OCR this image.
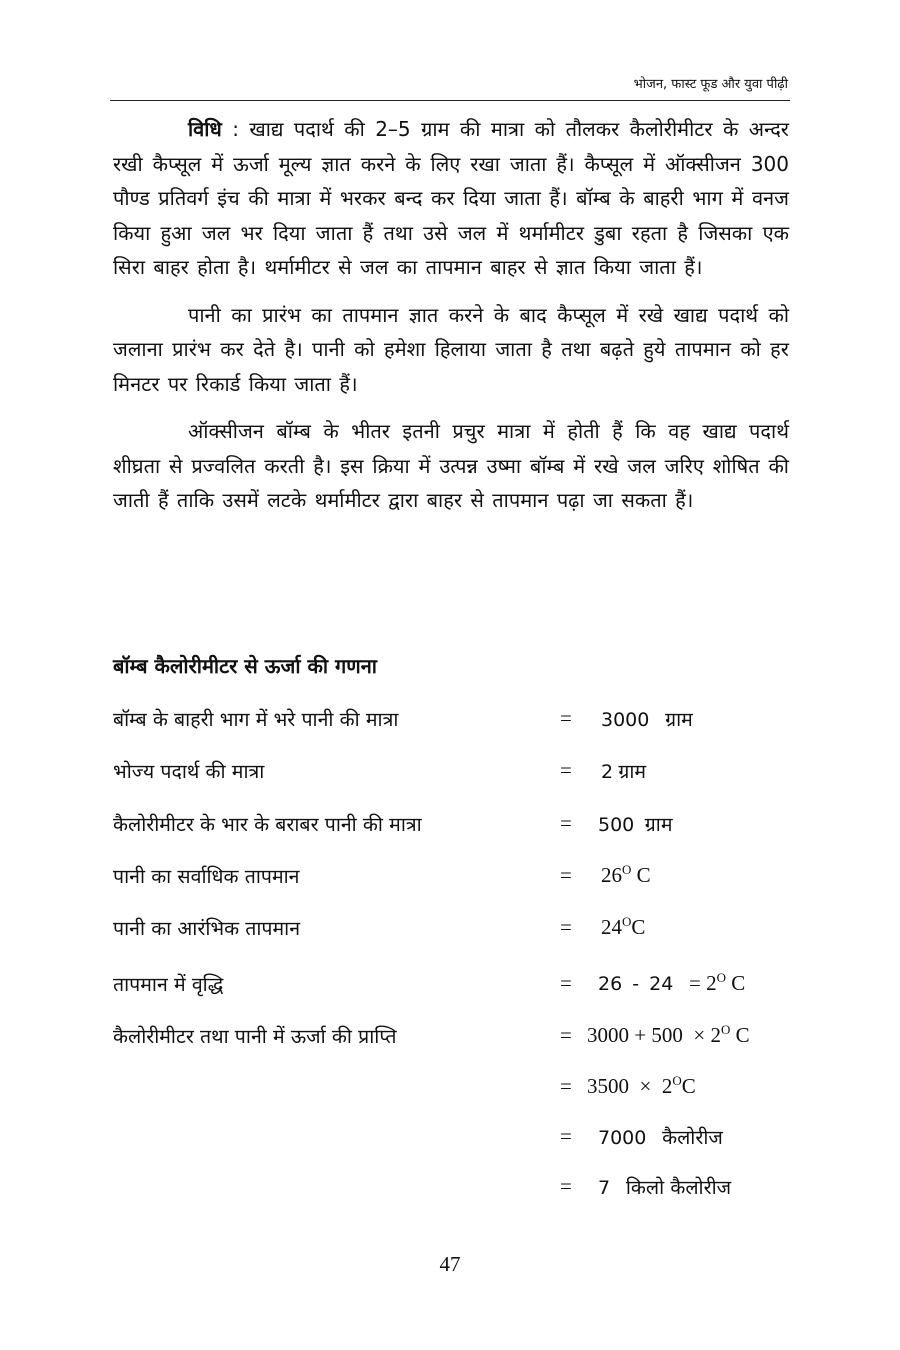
भोजन, फास्ट फूड और युवा पीढ़ी

विधि : खाद्य पदार्थ की 2–5 ग्राम की मात्रा को तौलकर कैलोरीमीटर के अन्दर रखी कैप्सूल में ऊर्जा मूल्य ज्ञात करने के लिए रखा जाता हैं। कैप्सूल में ऑक्सीजन 300 पौण्ड प्रतिवर्ग इंच की मात्रा में भरकर बन्द कर दिया जाता हैं। बॉम्ब के बाहरी भाग में वनज किया हुआ जल भर दिया जाता हैं तथा उसे जल में थर्मामीटर डुबा रहता है जिसका एक सिरा बाहर होता है। थर्मामीटर से जल का तापमान बाहर से ज्ञात किया जाता हैं।

पानी का प्रारंभ का तापमान ज्ञात करने के बाद कैप्सूल में रखे खाद्य पदार्थ को जलाना प्रारंभ कर देते है। पानी को हमेशा हिलाया जाता है तथा बढ़ते हुये तापमान को हर मिनटर पर रिकार्ड किया जाता हैं।

ऑक्सीजन बॉम्ब के भीतर इतनी प्रचुर मात्रा में होती हैं कि वह खाद्य पदार्थ शीघ्रता से प्रज्वलित करती है। इस क्रिया में उत्पन्न उष्मा बॉम्ब में रखे जल जरिए शोषित की जाती हैं ताकि उसमें लटके थर्मामीटर द्वारा बाहर से तापमान पढ़ा जा सकता हैं।

बॉम्ब कैलोरीमीटर से ऊर्जा की गणना
बॉम्ब के बाहरी भाग में भरे पानी की मात्रा	=	3000 ग्राम
भोज्य पदार्थ की मात्रा	=	2 ग्राम
कैलोरीमीटर के भार के बराबर पानी की मात्रा	= 500 ग्राम
पानी का सर्वाधिक तापमान	=	$26^O$ C
पानी का आरंभिक तापमान	=	$24^OC$
तापमान में वृद्धि	= $26 - 24 = 2^O$ C
कैलोरीमीटर तथा पानी में ऊर्जा की प्राप्ति	= $3000 + 500 \times 2^O$ C
= $3500 \times 2^OC$
= 7000 कैलोरीज
= 7 किलो कैलोरीज
47
